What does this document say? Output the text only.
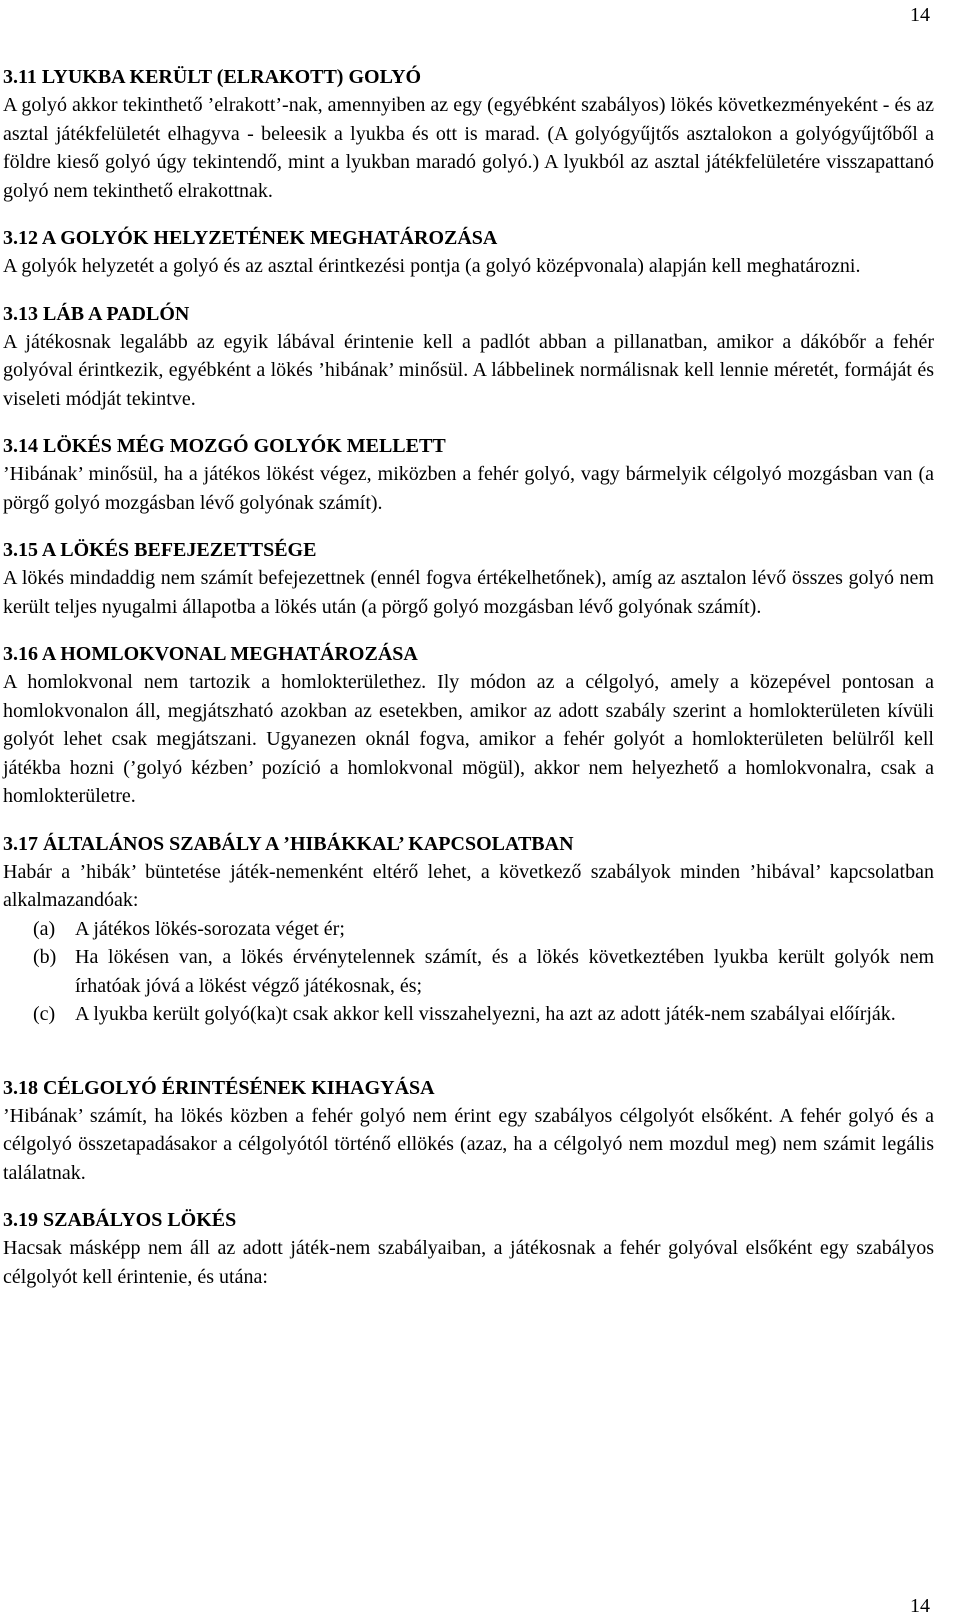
14

3.11 LYUKBA KERÜLT (ELRAKOTT) GOLYÓ

A golyó akkor tekinthető ’elrakott’-nak, amennyiben az egy (egyébként szabályos) lökés következményeként - és az asztal játékfelületét elhagyva - beleesik a lyukba és ott is marad. (A golyógyűjtős asztalokon a golyógyűjtőből a földre kieső golyó úgy tekintendő, mint a lyukban maradó golyó.) A lyukból az asztal játékfelületére visszapattanó golyó nem tekinthető elrakottnak.

3.12 A GOLYÓK HELYZETÉNEK MEGHATÁROZÁSA

A golyók helyzetét a golyó és az asztal érintkezési pontja (a golyó középvonala) alapján kell meghatározni.

3.13 LÁB A PADLÓN

A játékosnak legalább az egyik lábával érintenie kell a padlót abban a pillanatban, amikor a dákóbőr a fehér golyóval érintkezik, egyébként a lökés ’hibának’ minősül. A lábbelinek normálisnak kell lennie méretét, formáját és viseleti módját tekintve.

3.14 LÖKÉS MÉG MOZGÓ GOLYÓK MELLETT

’Hibának’ minősül, ha a játékos lökést végez, miközben a fehér golyó, vagy bármelyik célgolyó mozgásban van (a pörgő golyó mozgásban lévő golyónak számít).

3.15 A LÖKÉS BEFEJEZETTSÉGE

A lökés mindaddig nem számít befejezettnek (ennél fogva értékelhetőnek), amíg az asztalon lévő összes golyó nem került teljes nyugalmi állapotba a lökés után (a pörgő golyó mozgásban lévő golyónak számít).

3.16 A HOMLOKVONAL MEGHATÁROZÁSA

A homlokvonal nem tartozik a homlokterülethez. Ily módon az a célgolyó, amely a közepével pontosan a homlokvonalon áll, megjátszható azokban az esetekben, amikor az adott szabály szerint a homlokterületen kívüli golyót lehet csak megjátszani. Ugyanezen oknál fogva, amikor a fehér golyót a homlokterületen belülről kell játékba hozni (’golyó kézben’ pozíció a homlokvonal mögül), akkor nem helyezhető a homlokvonalra, csak a homlokterületre.

3.17 ÁLTALÁNOS SZABÁLY A ’HIBÁKKAL’ KAPCSOLATBAN

Habár a ’hibák’ büntetése játék-nemenként eltérő lehet, a következő szabályok minden ’hibával’ kapcsolatban alkalmazandóak:

(a) A játékos lökés-sorozata véget ér;
(b) Ha lökésen van, a lökés érvénytelennek számít, és a lökés következtében lyukba került golyók nem írhatóak jóvá a lökést végző játékosnak, és;
(c) A lyukba került golyó(ka)t csak akkor kell visszahelyezni, ha azt az adott játék-nem szabályai előírják.

3.18 CÉLGOLYÓ ÉRINTÉSÉNEK KIHAGYÁSA

’Hibának’ számít, ha lökés közben a fehér golyó nem érint egy szabályos célgolyót elsőként. A fehér golyó és a célgolyó összetapadásakor a célgolyótól történő ellökés (azaz, ha a célgolyó nem mozdul meg) nem számit legális találatnak.

3.19 SZABÁLYOS LÖKÉS

Hacsak másképp nem áll az adott játék-nem szabályaiban, a játékosnak a fehér golyóval elsőként egy szabályos célgolyót kell érintenie, és utána:

14
